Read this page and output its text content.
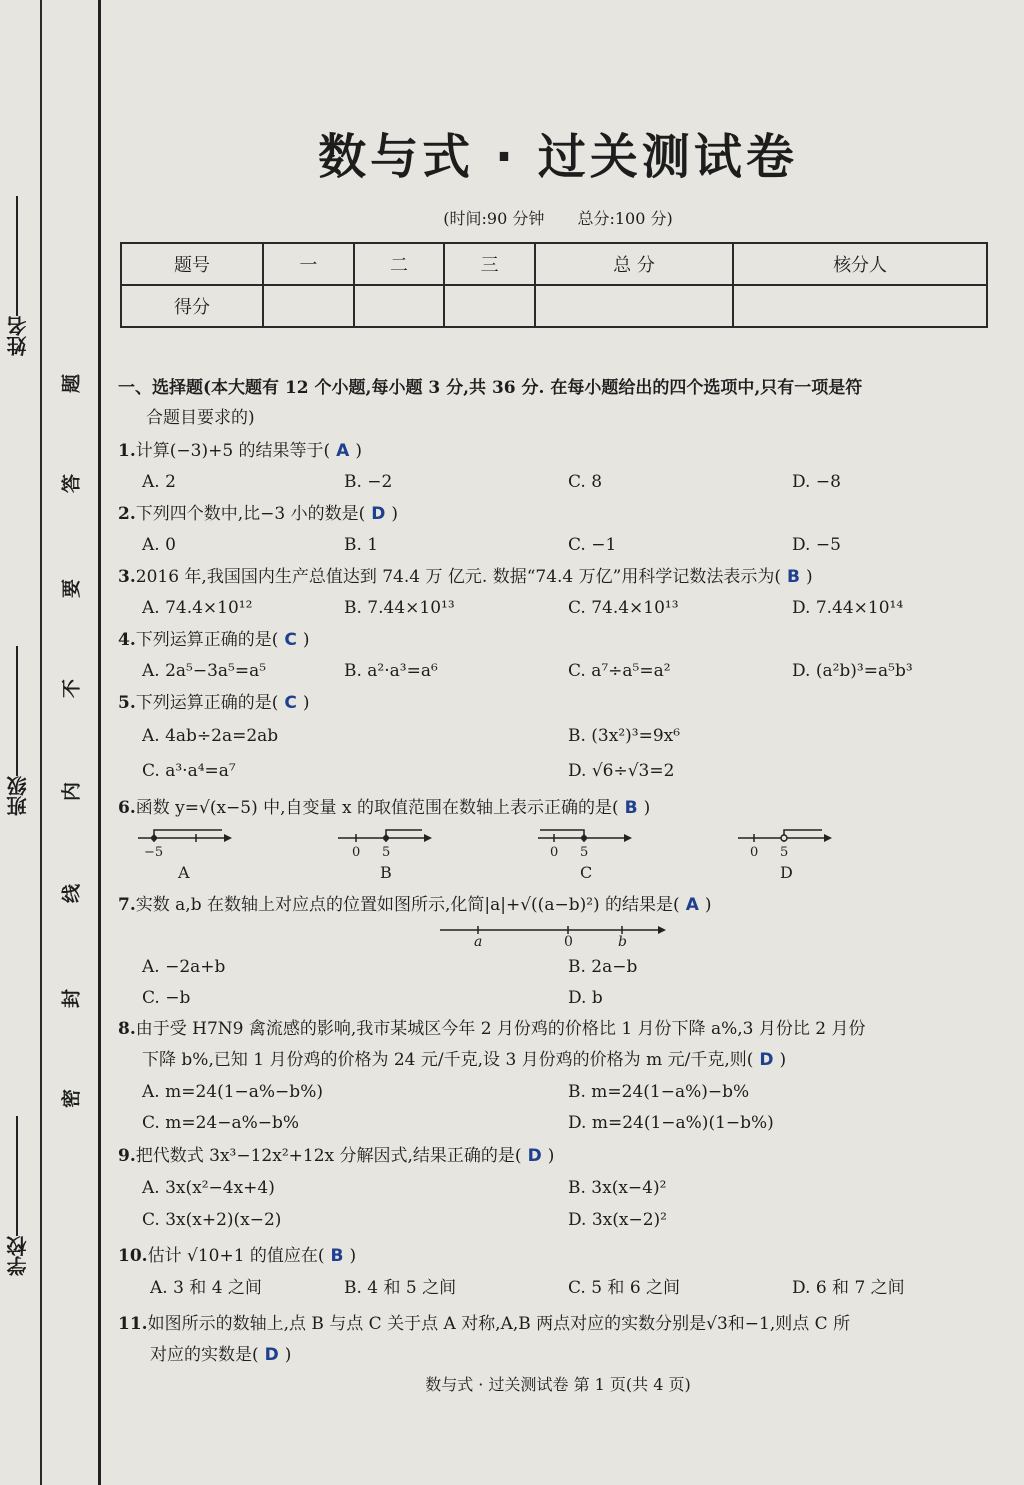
姓名
班级
学校
题
答
要
不
内
线
封
密
数与式 · 过关测试卷
(时间:90 分钟 总分:100 分)
题号	一	二	三	总 分	核分人
得分					
一、选择题(本大题有 12 个小题,每小题 3 分,共 36 分. 在每小题给出的四个选项中,只有一项是符
合题目要求的)
1.计算(−3)+5 的结果等于( A )
A. 2	B. −2	C. 8	D. −8
2.下列四个数中,比−3 小的数是( D )
A. 0	B. 1	C. −1	D. −5
3.2016 年,我国国内生产总值达到 74.4 万 亿元. 数据“74.4 万亿”用科学记数法表示为( B )
A. 74.4×10¹²	B. 7.44×10¹³	C. 74.4×10¹³	D. 7.44×10¹⁴
4.下列运算正确的是( C )
A. 2a⁵−3a⁵=a⁵	B. a²·a³=a⁶	C. a⁷÷a⁵=a²	D. (a²b)³=a⁵b³
5.下列运算正确的是( C )
A. 4ab÷2a=2ab	B. (3x²)³=9x⁶
C. a³·a⁴=a⁷	D. √6÷√3=2
6.函数 y=√(x−5) 中,自变量 x 的取值范围在数轴上表示正确的是( B )
−5
A
0 5
B
0 5
C
0 5
D
7.实数 a,b 在数轴上对应点的位置如图所示,化简|a|+√((a−b)²) 的结果是( A )
a	0	b
A. −2a+b	B. 2a−b
C. −b	D. b
8.由于受 H7N9 禽流感的影响,我市某城区今年 2 月份鸡的价格比 1 月份下降 a%,3 月份比 2 月份
下降 b%,已知 1 月份鸡的价格为 24 元/千克,设 3 月份鸡的价格为 m 元/千克,则( D )
A. m=24(1−a%−b%)	B. m=24(1−a%)−b%
C. m=24−a%−b%	D. m=24(1−a%)(1−b%)
9.把代数式 3x³−12x²+12x 分解因式,结果正确的是( D )
A. 3x(x²−4x+4)	B. 3x(x−4)²
C. 3x(x+2)(x−2)	D. 3x(x−2)²
10.估计 √10+1 的值应在( B )
A. 3 和 4 之间	B. 4 和 5 之间	C. 5 和 6 之间	D. 6 和 7 之间
11.如图所示的数轴上,点 B 与点 C 关于点 A 对称,A,B 两点对应的实数分别是√3和−1,则点 C 所
对应的实数是( D )
数与式 · 过关测试卷 第 1 页(共 4 页)
